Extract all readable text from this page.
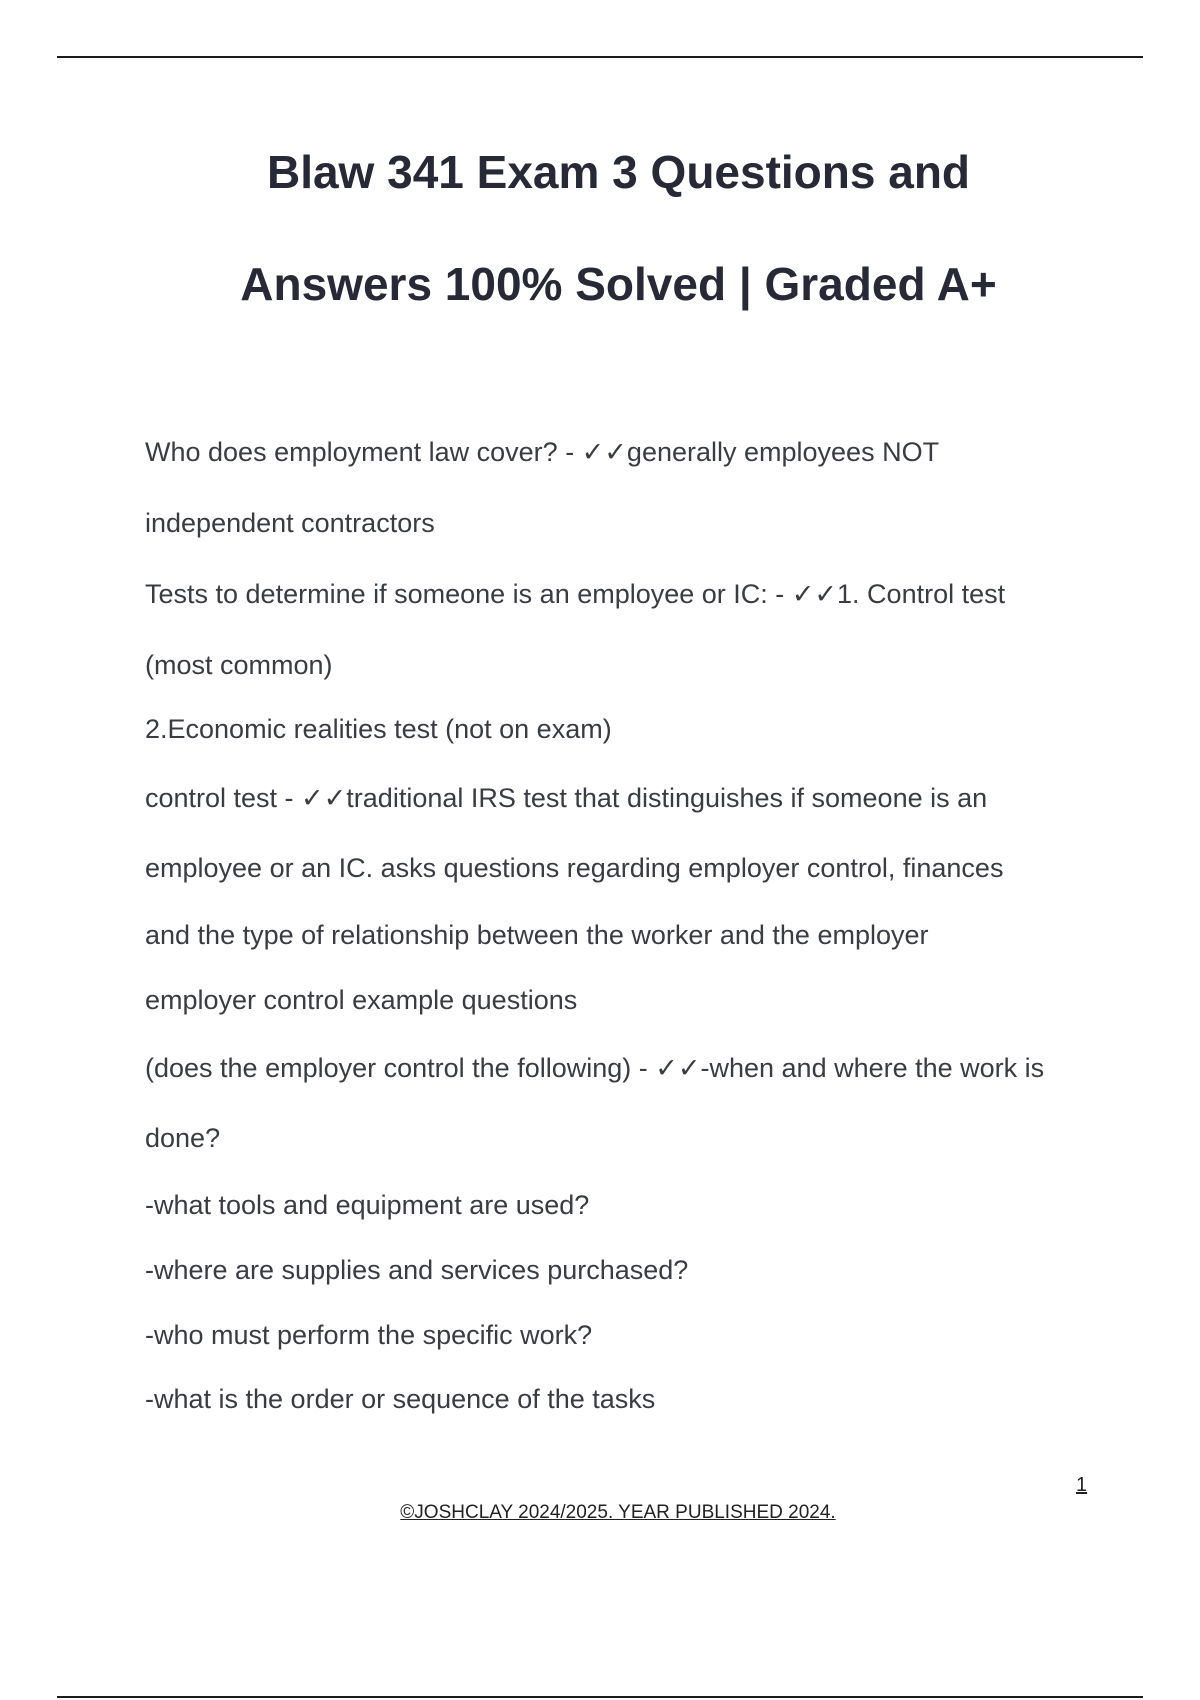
Blaw 341 Exam 3 Questions and
Answers 100% Solved | Graded A+
Who does employment law cover? - ✓✓generally employees NOT
independent contractors
Tests to determine if someone is an employee or IC: - ✓✓1. Control test
(most common)
2.Economic realities test (not on exam)
control test - ✓✓traditional IRS test that distinguishes if someone is an
employee or an IC. asks questions regarding employer control, finances
and the type of relationship between the worker and the employer
employer control example questions
(does the employer control the following) - ✓✓-when and where the work is
done?
-what tools and equipment are used?
-where are supplies and services purchased?
-who must perform the specific work?
-what is the order or sequence of the tasks
1
©JOSHCLAY 2024/2025. YEAR PUBLISHED 2024.
